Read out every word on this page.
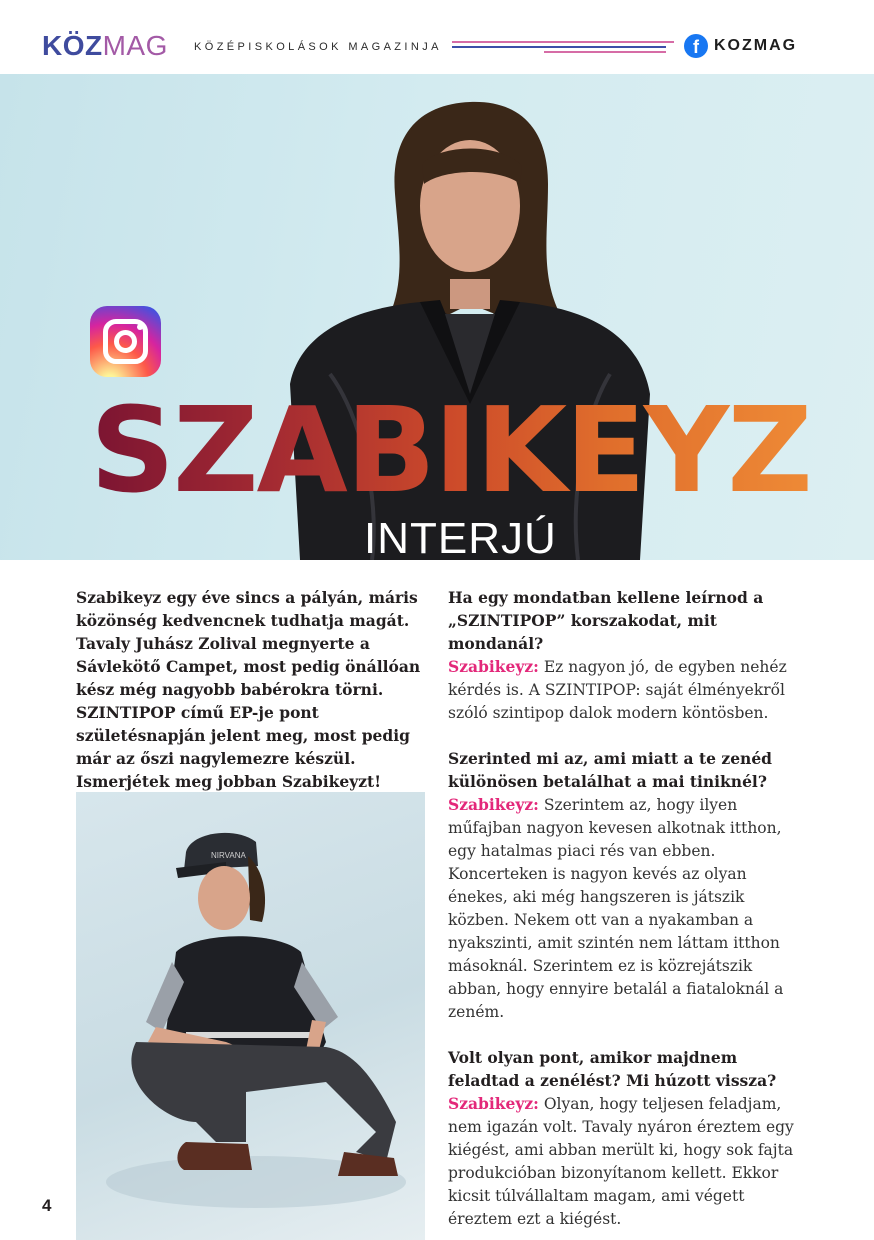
KÖZMAG KÖZÉPISKOLÁSOK MAGAZINJA	f KOZMAG
SZABIKEYZ
INTERJÚ

Szabikeyz egy éve sincs a pályán, máris közönség kedvencnek tudhatja magát. Tavaly Juhász Zolival megnyerte a Sávlekötő Campet, most pedig önállóan kész még nagyobb babérokra törni. SZINTIPOP című EP-je pont születésnapján jelent meg, most pedig már az őszi nagylemezre készül. Ismerjétek meg jobban Szabikeyzt!

NIRVANA

Ha egy mondatban kellene leírnod a „SZINTIPOP” korszakodat, mit mondanál?

Szabikeyz: Ez nagyon jó, de egyben nehéz kérdés is. A SZINTIPOP: saját élményekről szóló szintipop dalok modern köntösben.

Szerinted mi az, ami miatt a te zenéd különösen betalálhat a mai tiniknél?

Szabikeyz: Szerintem az, hogy ilyen műfajban nagyon kevesen alkotnak itthon, egy hatalmas piaci rés van ebben. Koncerteken is nagyon kevés az olyan énekes, aki még hangszeren is játszik közben. Nekem ott van a nyakamban a nyakszinti, amit szintén nem láttam itthon másoknál. Szerintem ez is közrejátszik abban, hogy ennyire betalál a fiataloknál a zeném.

Volt olyan pont, amikor majdnem feladtad a zenélést? Mi húzott vissza?

Szabikeyz: Olyan, hogy teljesen feladjam, nem igazán volt. Tavaly nyáron éreztem egy kiégést, ami abban merült ki, hogy sok fajta produkcióban bizonyítanom kellett. Ekkor kicsit túlvállaltam magam, ami végett éreztem ezt a kiégést.

4
